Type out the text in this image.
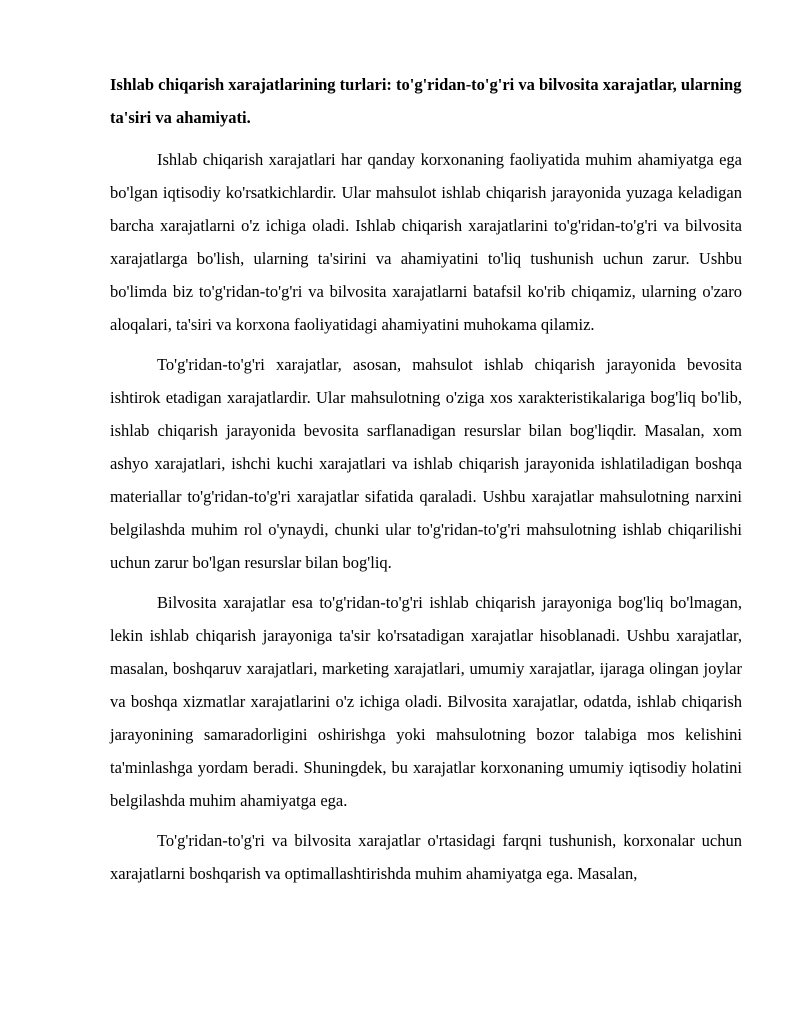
Ishlab chiqarish xarajatlarining turlari: to'g'ridan-to'g'ri va bilvosita xarajatlar, ularning ta'siri va ahamiyati.

Ishlab chiqarish xarajatlari har qanday korxonaning faoliyatida muhim ahamiyatga ega bo'lgan iqtisodiy ko'rsatkichlardir. Ular mahsulot ishlab chiqarish jarayonida yuzaga keladigan barcha xarajatlarni o'z ichiga oladi. Ishlab chiqarish xarajatlarini to'g'ridan-to'g'ri va bilvosita xarajatlarga bo'lish, ularning ta'sirini va ahamiyatini to'liq tushunish uchun zarur. Ushbu bo'limda biz to'g'ridan-to'g'ri va bilvosita xarajatlarni batafsil ko'rib chiqamiz, ularning o'zaro aloqalari, ta'siri va korxona faoliyatidagi ahamiyatini muhokama qilamiz.

To'g'ridan-to'g'ri xarajatlar, asosan, mahsulot ishlab chiqarish jarayonida bevosita ishtirok etadigan xarajatlardir. Ular mahsulotning o'ziga xos xarakteristikalariga bog'liq bo'lib, ishlab chiqarish jarayonida bevosita sarflanadigan resurslar bilan bog'liqdir. Masalan, xom ashyo xarajatlari, ishchi kuchi xarajatlari va ishlab chiqarish jarayonida ishlatiladigan boshqa materiallar to'g'ridan-to'g'ri xarajatlar sifatida qaraladi. Ushbu xarajatlar mahsulotning narxini belgilashda muhim rol o'ynaydi, chunki ular to'g'ridan-to'g'ri mahsulotning ishlab chiqarilishi uchun zarur bo'lgan resurslar bilan bog'liq.

Bilvosita xarajatlar esa to'g'ridan-to'g'ri ishlab chiqarish jarayoniga bog'liq bo'lmagan, lekin ishlab chiqarish jarayoniga ta'sir ko'rsatadigan xarajatlar hisoblanadi. Ushbu xarajatlar, masalan, boshqaruv xarajatlari, marketing xarajatlari, umumiy xarajatlar, ijaraga olingan joylar va boshqa xizmatlar xarajatlarini o'z ichiga oladi. Bilvosita xarajatlar, odatda, ishlab chiqarish jarayonining samaradorligini oshirishga yoki mahsulotning bozor talabiga mos kelishini ta'minlashga yordam beradi. Shuningdek, bu xarajatlar korxonaning umumiy iqtisodiy holatini belgilashda muhim ahamiyatga ega.

To'g'ridan-to'g'ri va bilvosita xarajatlar o'rtasidagi farqni tushunish, korxonalar uchun xarajatlarni boshqarish va optimallashtirishda muhim ahamiyatga ega. Masalan,
